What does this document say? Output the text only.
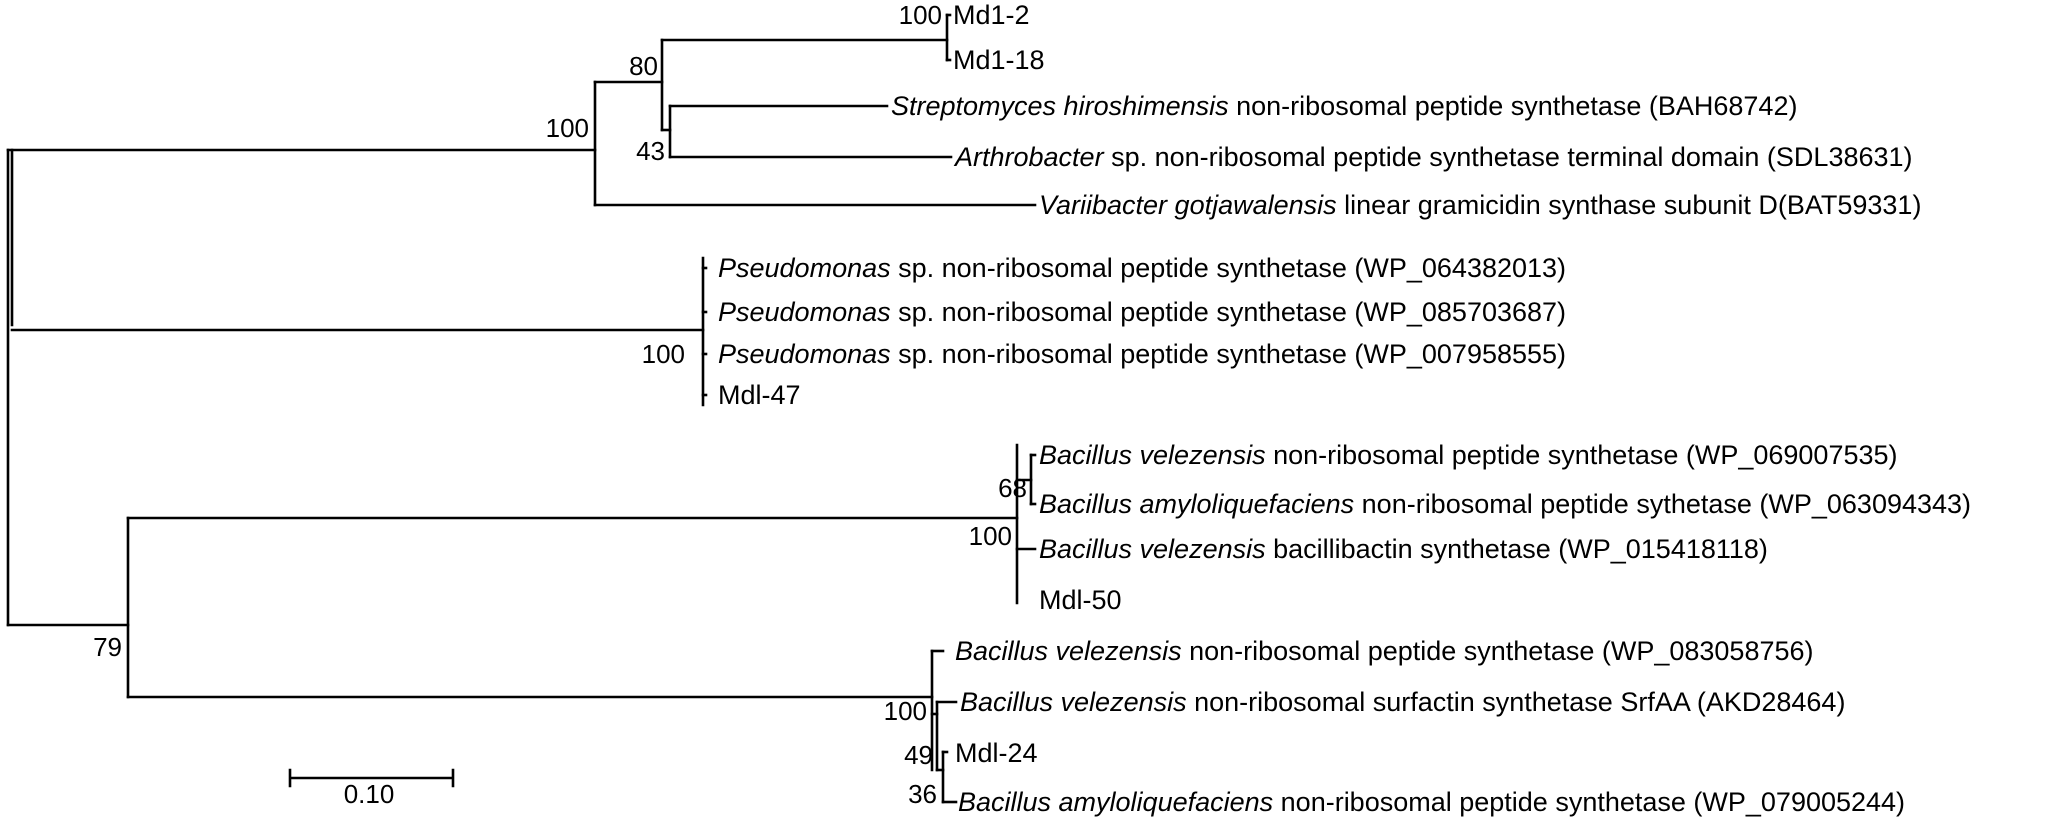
Md1-2
Md1-18
Streptomyces hiroshimensis non-ribosomal peptide synthetase (BAH68742)
Arthrobacter sp. non-ribosomal peptide synthetase terminal domain (SDL38631)
Variibacter gotjawalensis linear gramicidin synthase subunit D(BAT59331)
Pseudomonas sp. non-ribosomal peptide synthetase (WP_064382013)
Pseudomonas sp. non-ribosomal peptide synthetase (WP_085703687)
Pseudomonas sp. non-ribosomal peptide synthetase (WP_007958555)
Mdl-47
Bacillus velezensis non-ribosomal peptide synthetase (WP_069007535)
Bacillus amyloliquefaciens non-ribosomal peptide sythetase (WP_063094343)
Bacillus velezensis bacillibactin synthetase (WP_015418118)
Mdl-50
Bacillus velezensis non-ribosomal peptide synthetase (WP_083058756)
Bacillus velezensis non-ribosomal surfactin synthetase SrfAA (AKD28464)
Mdl-24
Bacillus amyloliquefaciens non-ribosomal peptide synthetase (WP_079005244)
100
80
43
100
100
68
100
100
49
36
79
0.10
